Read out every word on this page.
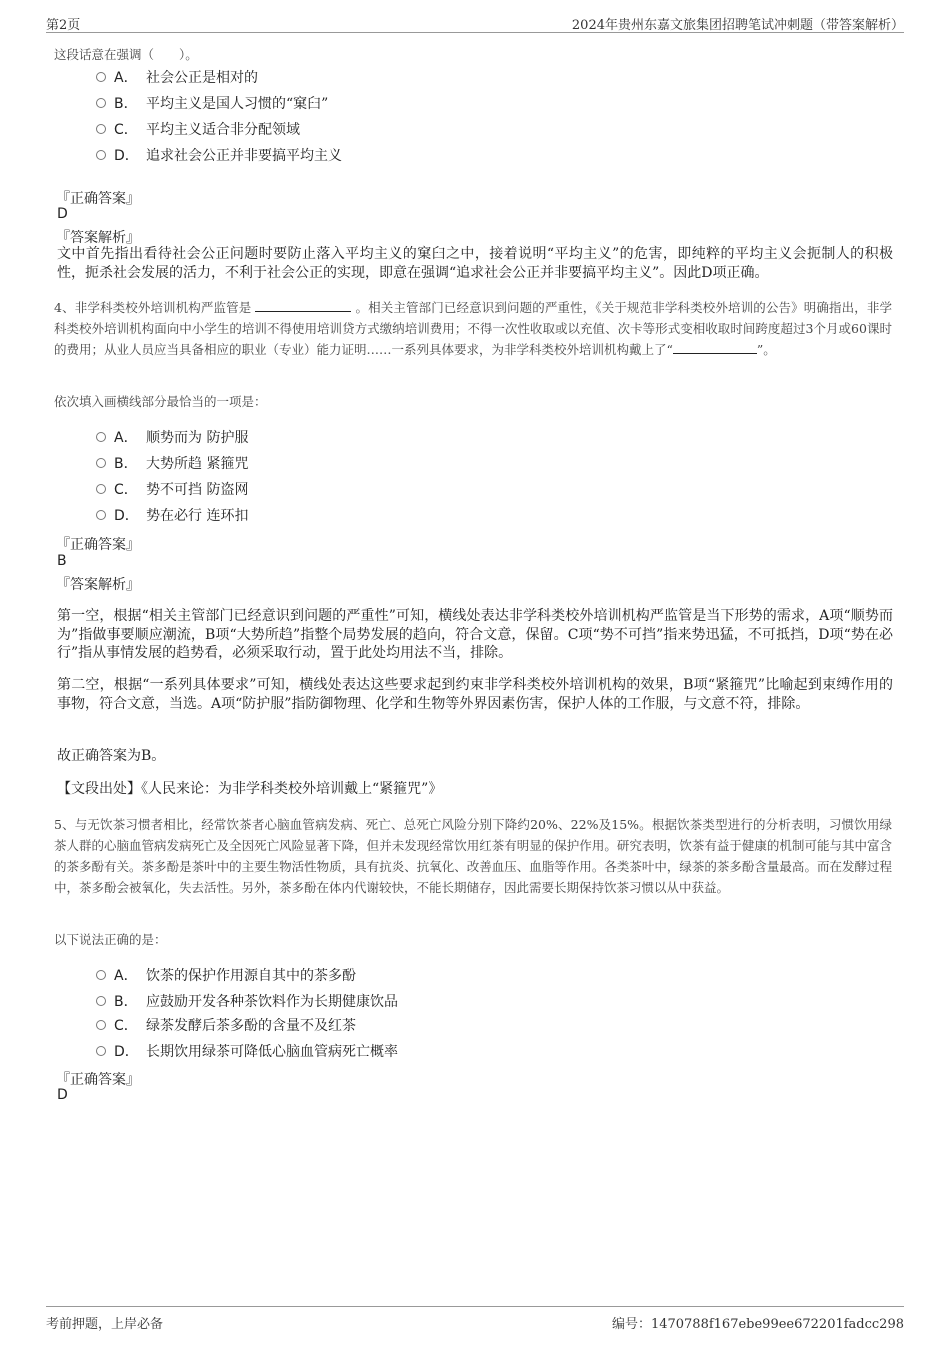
第2页	2024年贵州东嘉文旅集团招聘笔试冲刺题（带答案解析）
这段话意在强调（　　）。
A． 社会公正是相对的
B． 平均主义是国人习惯的“窠臼”
C． 平均主义适合非分配领域
D． 追求社会公正并非要搞平均主义
『正确答案』
D
『答案解析』
文中首先指出看待社会公正问题时要防止落入平均主义的窠臼之中，接着说明“平均主义”的危害，即纯粹的平均主义会扼制人的积极性，扼杀社会发展的活力，不利于社会公正的实现，即意在强调“追求社会公正并非要搞平均主义”。因此D项正确。
4、非学科类校外培训机构严监管是	。相关主管部门已经意识到问题的严重性，《关于规范非学科类校外培训的公告》明确指出，非学科类校外培训机构面向中小学生的培训不得使用培训贷方式缴纳培训费用；不得一次性收取或以充值、次卡等形式变相收取时间跨度超过3个月或60课时的费用；从业人员应当具备相应的职业（专业）能力证明……一系列具体要求，为非学科类校外培训机构戴上了“	”。
依次填入画横线部分最恰当的一项是：
A． 顺势而为 防护服
B． 大势所趋 紧箍咒
C． 势不可挡 防盗网
D． 势在必行 连环扣
『正确答案』
B
『答案解析』
第一空，根据“相关主管部门已经意识到问题的严重性”可知，横线处表达非学科类校外培训机构严监管是当下形势的需求，A项“顺势而为”指做事要顺应潮流，B项“大势所趋”指整个局势发展的趋向，符合文意，保留。C项“势不可挡”指来势迅猛，不可抵挡，D项“势在必行”指从事情发展的趋势看，必须采取行动，置于此处均用法不当，排除。
第二空，根据“一系列具体要求”可知，横线处表达这些要求起到约束非学科类校外培训机构的效果，B项“紧箍咒”比喻起到束缚作用的事物，符合文意，当选。A项“防护服”指防御物理、化学和生物等外界因素伤害，保护人体的工作服，与文意不符，排除。
故正确答案为B。
【文段出处】《人民来论：为非学科类校外培训戴上“紧箍咒”》
5、与无饮茶习惯者相比，经常饮茶者心脑血管病发病、死亡、总死亡风险分别下降约20%、22%及15%。根据饮茶类型进行的分析表明，习惯饮用绿茶人群的心脑血管病发病死亡及全因死亡风险显著下降，但并未发现经常饮用红茶有明显的保护作用。研究表明，饮茶有益于健康的机制可能与其中富含的茶多酚有关。茶多酚是茶叶中的主要生物活性物质，具有抗炎、抗氧化、改善血压、血脂等作用。各类茶叶中，绿茶的茶多酚含量最高。而在发酵过程中，茶多酚会被氧化，失去活性。另外，茶多酚在体内代谢较快，不能长期储存，因此需要长期保持饮茶习惯以从中获益。
以下说法正确的是：
A． 饮茶的保护作用源自其中的茶多酚
B． 应鼓励开发各种茶饮料作为长期健康饮品
C． 绿茶发酵后茶多酚的含量不及红茶
D． 长期饮用绿茶可降低心脑血管病死亡概率
『正确答案』
D
考前押题，上岸必备	编号：1470788f167ebe99ee672201fadcc298
